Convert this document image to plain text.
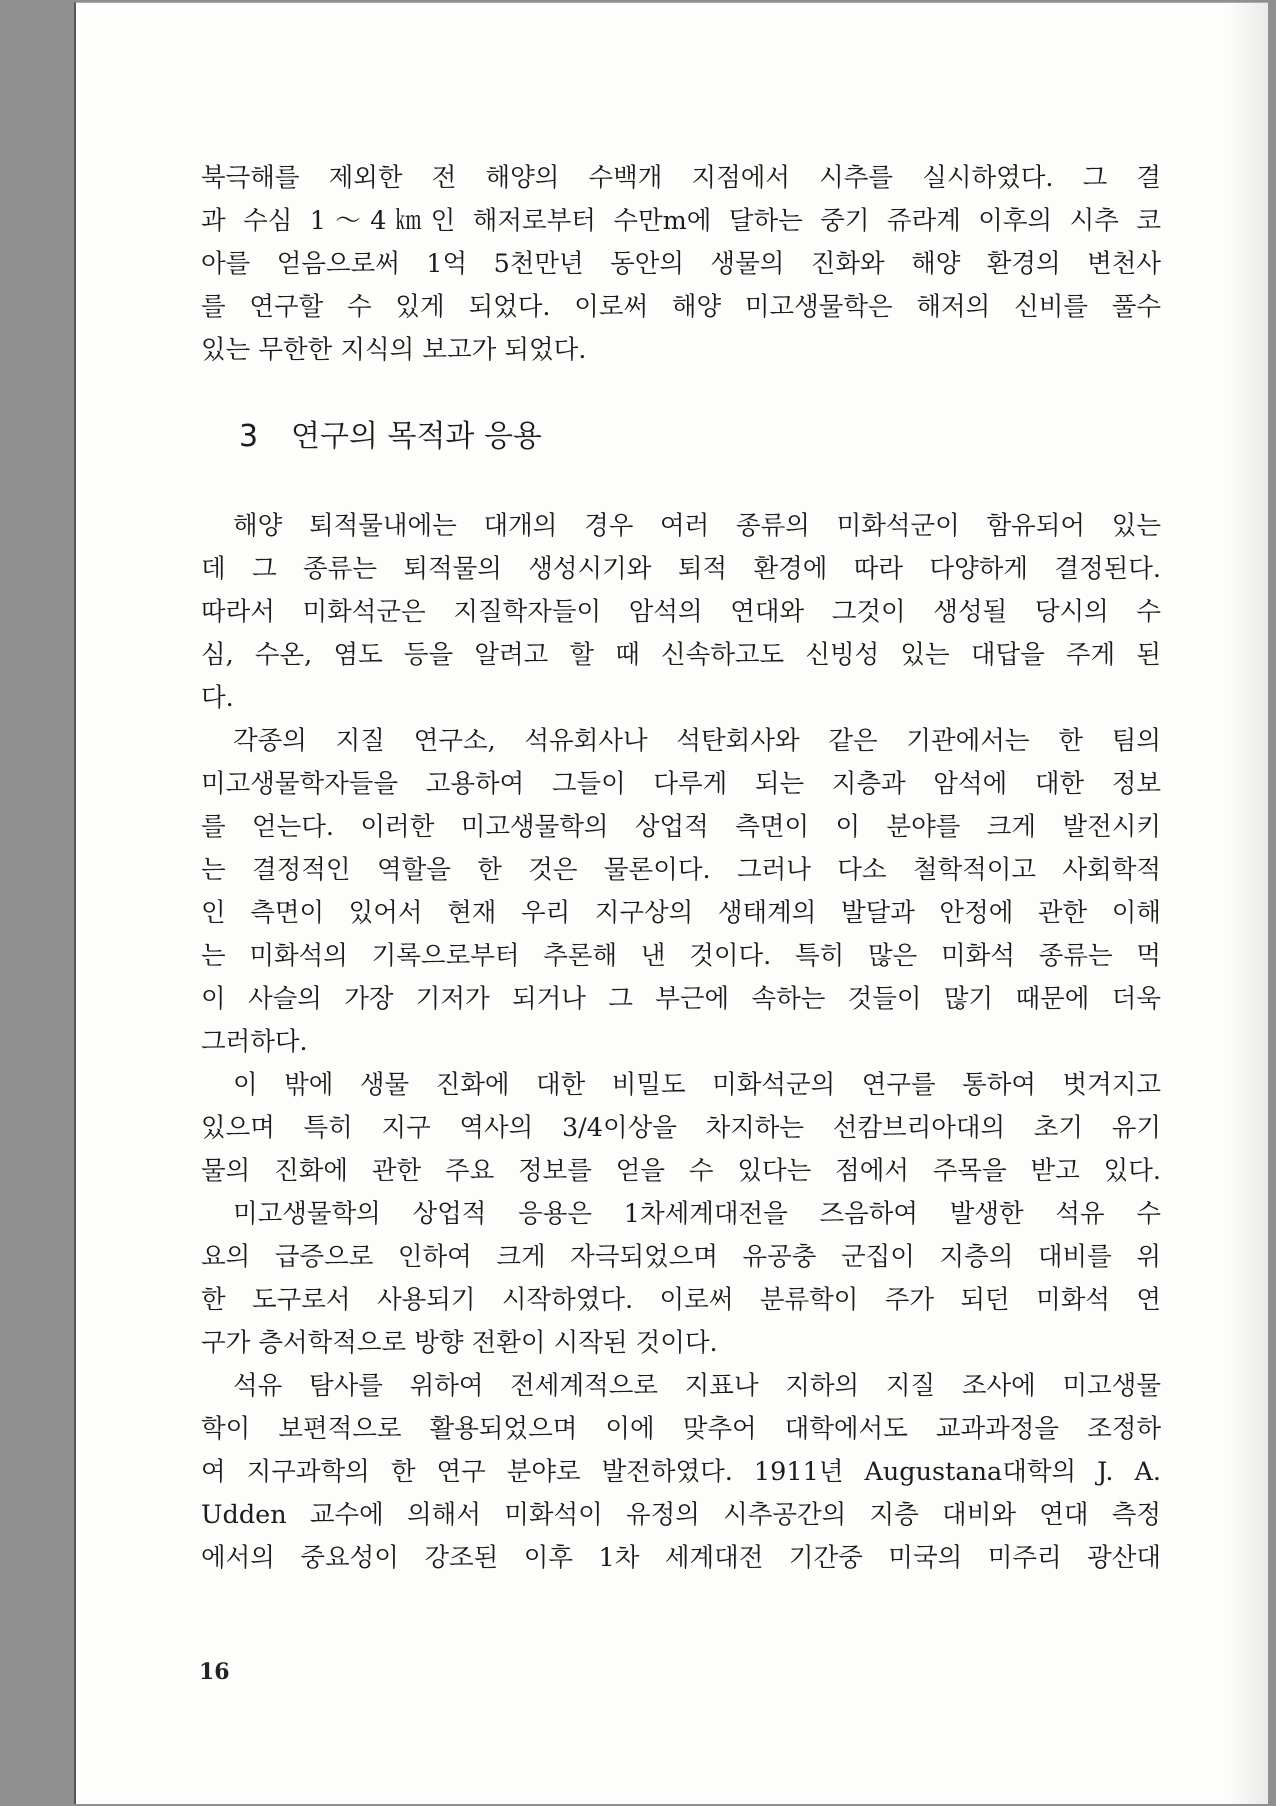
3 연구의 목적과 응용
북극해를 제외한 전 해양의 수백개 지점에서 시추를 실시하였다. 그 결
과 수심 1～4㎞인 해저로부터 수만m에 달하는 중기 쥬라계 이후의 시추 코
아를 얻음으로써 1억 5천만년 동안의 생물의 진화와 해양 환경의 변천사
를 연구할 수 있게 되었다. 이로써 해양 미고생물학은 해저의 신비를 풀수
있는 무한한 지식의 보고가 되었다.
해양 퇴적물내에는 대개의 경우 여러 종류의 미화석군이 함유되어 있는
데 그 종류는 퇴적물의 생성시기와 퇴적 환경에 따라 다양하게 결정된다.
따라서 미화석군은 지질학자들이 암석의 연대와 그것이 생성될 당시의 수
심, 수온, 염도 등을 알려고 할 때 신속하고도 신빙성 있는 대답을 주게 된
다.
각종의 지질 연구소, 석유회사나 석탄회사와 같은 기관에서는 한 팀의
미고생물학자들을 고용하여 그들이 다루게 되는 지층과 암석에 대한 정보
를 얻는다. 이러한 미고생물학의 상업적 측면이 이 분야를 크게 발전시키
는 결정적인 역할을 한 것은 물론이다. 그러나 다소 철학적이고 사회학적
인 측면이 있어서 현재 우리 지구상의 생태계의 발달과 안정에 관한 이해
는 미화석의 기록으로부터 추론해 낸 것이다. 특히 많은 미화석 종류는 먹
이 사슬의 가장 기저가 되거나 그 부근에 속하는 것들이 많기 때문에 더욱
그러하다.
이 밖에 생물 진화에 대한 비밀도 미화석군의 연구를 통하여 벗겨지고
있으며 특히 지구 역사의 3/4이상을 차지하는 선캄브리아대의 초기 유기
물의 진화에 관한 주요 정보를 얻을 수 있다는 점에서 주목을 받고 있다.
미고생물학의 상업적 응용은 1차세계대전을 즈음하여 발생한 석유 수
요의 급증으로 인하여 크게 자극되었으며 유공충 군집이 지층의 대비를 위
한 도구로서 사용되기 시작하였다. 이로써 분류학이 주가 되던 미화석 연
구가 층서학적으로 방향 전환이 시작된 것이다.
석유 탐사를 위하여 전세계적으로 지표나 지하의 지질 조사에 미고생물
학이 보편적으로 활용되었으며 이에 맞추어 대학에서도 교과과정을 조정하
여 지구과학의 한 연구 분야로 발전하였다. 1911년 Augustana대학의 J. A.
Udden 교수에 의해서 미화석이 유정의 시추공간의 지층 대비와 연대 측정
에서의 중요성이 강조된 이후 1차 세계대전 기간중 미국의 미주리 광산대
16
